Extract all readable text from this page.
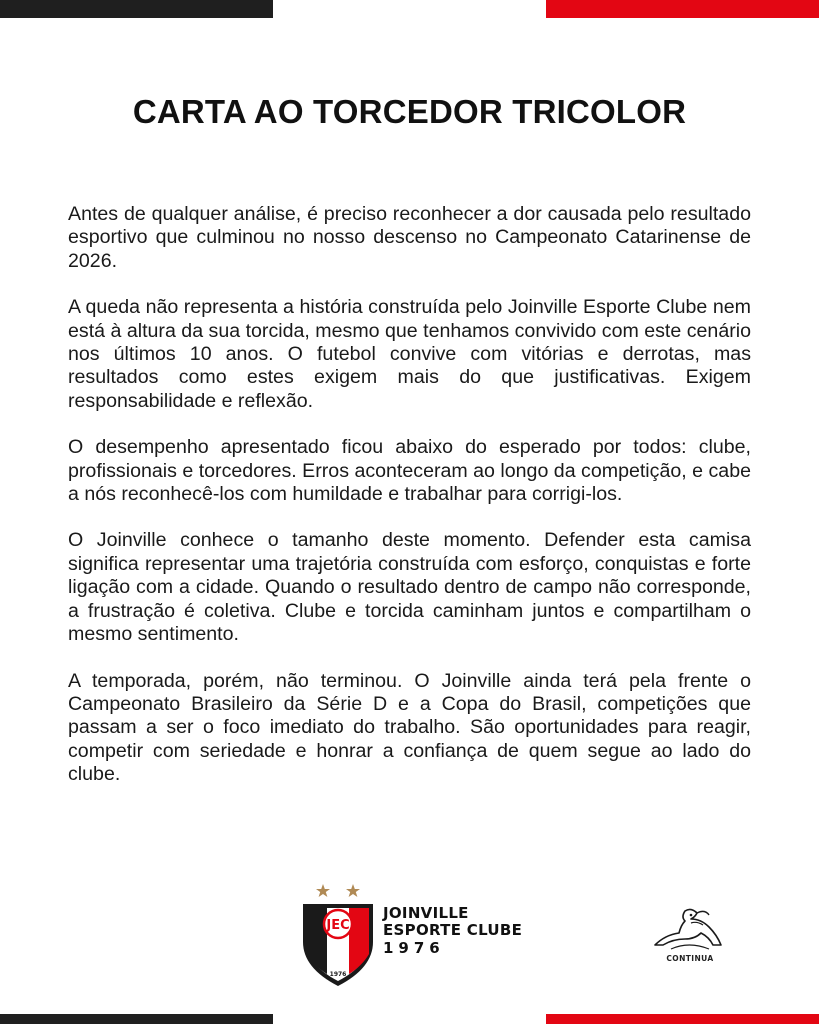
CARTA AO TORCEDOR TRICOLOR

Antes de qualquer análise, é preciso reconhecer a dor causada pelo resultado esportivo que culminou no nosso descenso no Campeonato Catarinense de 2026.

A queda não representa a história construída pelo Joinville Esporte Clube nem está à altura da sua torcida, mesmo que tenhamos convivido com este cenário nos últimos 10 anos. O futebol convive com vitórias e derrotas, mas resultados como estes exigem mais do que justificativas. Exigem responsabilidade e reflexão.

O desempenho apresentado ficou abaixo do esperado por todos: clube, profissionais e torcedores. Erros aconteceram ao longo da competição, e cabe a nós reconhecê-los com humildade e trabalhar para corrigi-los.

O Joinville conhece o tamanho deste momento. Defender esta camisa significa representar uma trajetória construída com esforço, conquistas e forte ligação com a cidade. Quando o resultado dentro de campo não corresponde, a frustração é coletiva. Clube e torcida caminham juntos e compartilham o mesmo sentimento.

A temporada, porém, não terminou. O Joinville ainda terá pela frente o Campeonato Brasileiro da Série D e a Copa do Brasil, competições que passam a ser o foco imediato do trabalho. São oportunidades para reagir, competir com seriedade e honrar a confiança de quem segue ao lado do clube.

JEC
1976
JOINVILLE
ESPORTE CLUBE
1976
CONTINUA
